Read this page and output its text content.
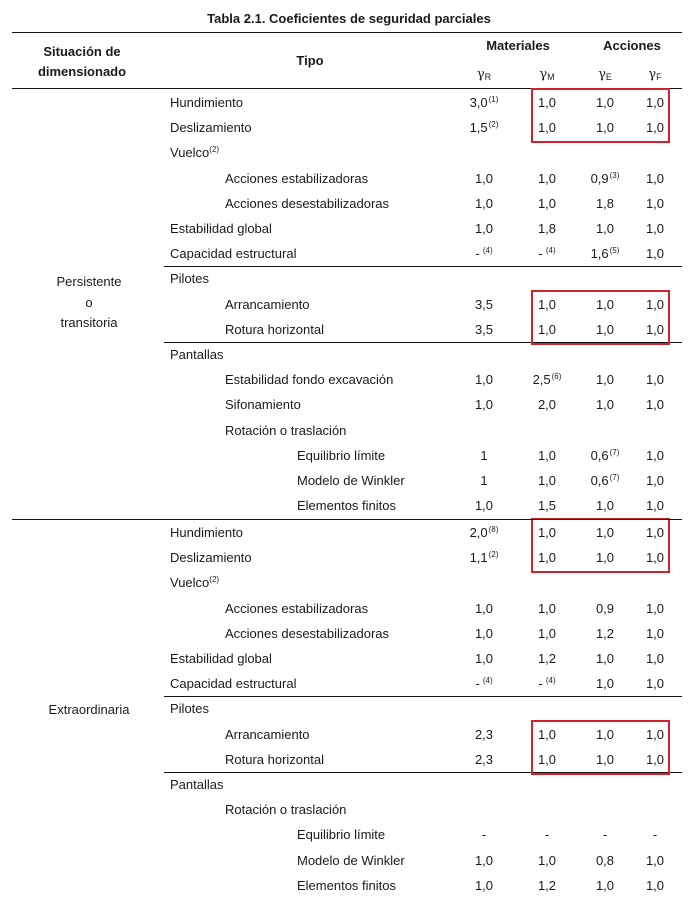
Tabla 2.1. Coeficientes de seguridad parciales
Situación de
dimensionado
Tipo
Materiales	Acciones
$\gamma_R$	$\gamma_M$	$\gamma_E$	$\gamma_F$
Hundimiento	3,0$^{(1)}$	1,0	1,0	1,0
Deslizamiento	1,5$^{(2)}$	1,0	1,0	1,0
Vuelco$^{(2)}$
Acciones estabilizadoras	1,0	1,0	0,9$^{(3)}$	1,0
Acciones desestabilizadoras	1,0	1,0	1,8	1,0
Estabilidad global	1,0	1,8	1,0	1,0
Capacidad estructural	- $^{(4)}$	- $^{(4)}$	1,6$^{(5)}$	1,0
Pilotes
Arrancamiento	3,5	1,0	1,0	1,0
Rotura horizontal	3,5	1,0	1,0	1,0
Pantallas
Estabilidad fondo excavación	1,0	2,5$^{(6)}$	1,0	1,0
Sifonamiento	1,0	2,0	1,0	1,0
Rotación o traslación
Equilibrio límite	1	1,0	0,6$^{(7)}$	1,0
Modelo de Winkler	1	1,0	0,6$^{(7)}$	1,0
Elementos finitos	1,0	1,5	1,0	1,0
Persistente
o
transitoria
Hundimiento	2,0$^{(8)}$	1,0	1,0	1,0
Deslizamiento	1,1$^{(2)}$	1,0	1,0	1,0
Vuelco$^{(2)}$
Acciones estabilizadoras	1,0	1,0	0,9	1,0
Acciones desestabilizadoras	1,0	1,0	1,2	1,0
Estabilidad global	1,0	1,2	1,0	1,0
Capacidad estructural	- $^{(4)}$	- $^{(4)}$	1,0	1,0
Pilotes
Arrancamiento	2,3	1,0	1,0	1,0
Rotura horizontal	2,3	1,0	1,0	1,0
Pantallas
Rotación o traslación
Equilibrio límite	-	-	-	-
Modelo de Winkler	1,0	1,0	0,8	1,0
Elementos finitos	1,0	1,2	1,0	1,0
Extraordinaria
